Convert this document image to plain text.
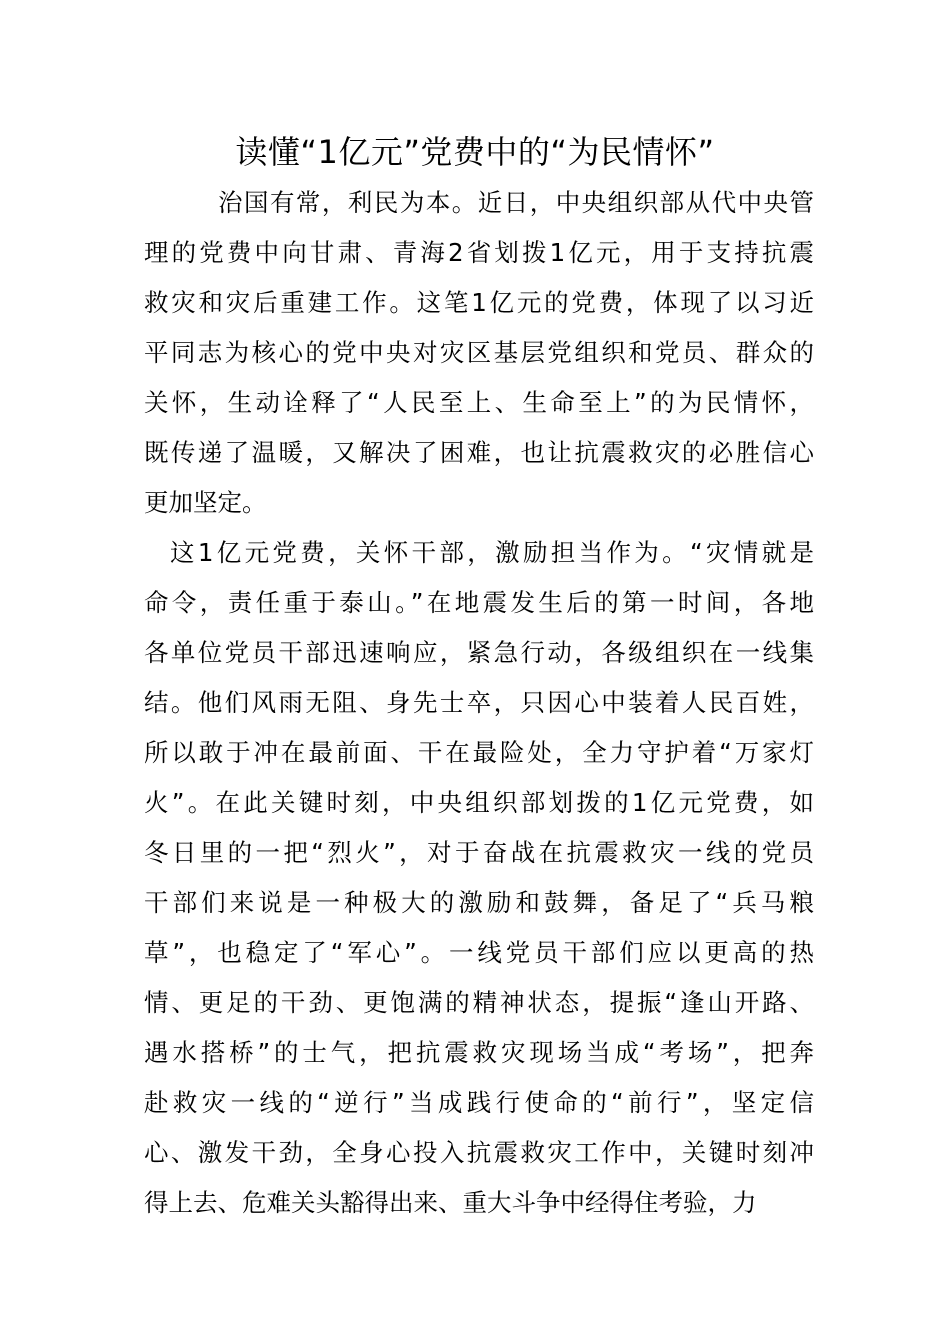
读懂“1亿元”党费中的“为民情怀”
治国有常，利民为本。近日，中央组织部从代中央管
理的党费中向甘肃、青海2省划拨1亿元，用于支持抗震
救灾和灾后重建工作。这笔1亿元的党费，体现了以习近
平同志为核心的党中央对灾区基层党组织和党员、群众的
关怀，生动诠释了“人民至上、生命至上”的为民情怀，
既传递了温暖，又解决了困难，也让抗震救灾的必胜信心
更加坚定。
这1亿元党费，关怀干部，激励担当作为。“灾情就是
命令，责任重于泰山。”在地震发生后的第一时间，各地
各单位党员干部迅速响应，紧急行动，各级组织在一线集
结。他们风雨无阻、身先士卒，只因心中装着人民百姓，
所以敢于冲在最前面、干在最险处，全力守护着“万家灯
火”。在此关键时刻，中央组织部划拨的1亿元党费，如
冬日里的一把“烈火”，对于奋战在抗震救灾一线的党员
干部们来说是一种极大的激励和鼓舞，备足了“兵马粮
草”，也稳定了“军心”。一线党员干部们应以更高的热
情、更足的干劲、更饱满的精神状态，提振“逢山开路、
遇水搭桥”的士气，把抗震救灾现场当成“考场”，把奔
赴救灾一线的“逆行”当成践行使命的“前行”，坚定信
心、激发干劲，全身心投入抗震救灾工作中，关键时刻冲
得上去、危难关头豁得出来、重大斗争中经得住考验，力
